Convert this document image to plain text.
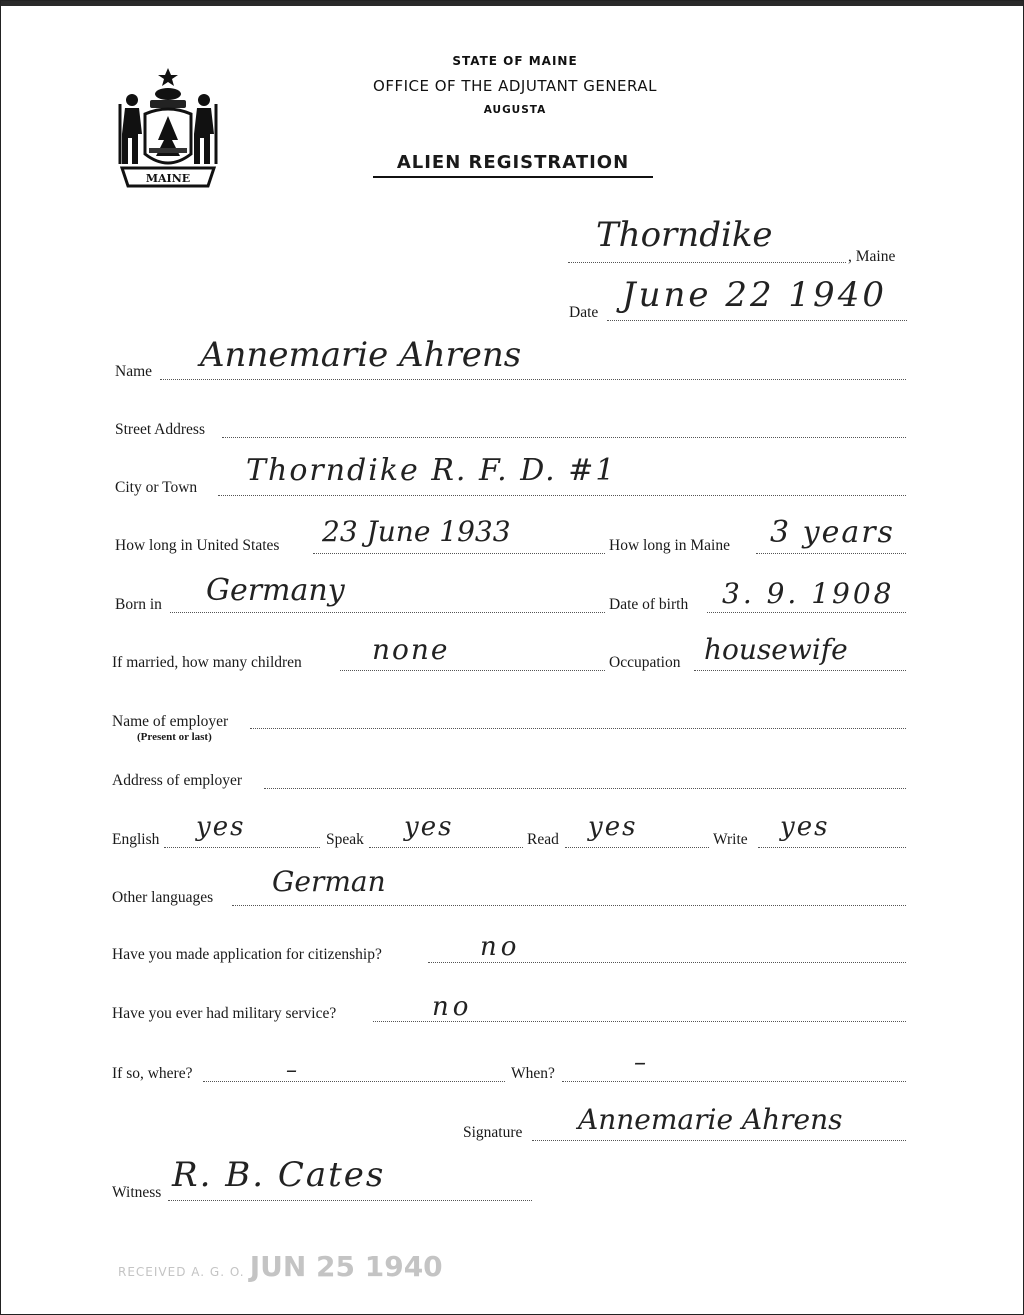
MAINE
STATE OF MAINE
OFFICE OF THE ADJUTANT GENERAL
AUGUSTA
ALIEN REGISTRATION
Thorndike
, Maine
Date June 22 1940
Name Annemarie Ahrens
Street Address
City or Town Thorndike R. F. D. #1
How long in United States 23 June 1933	How long in Maine 3 years
Born in Germany	Date of birth 3. 9. 1908
If married, how many children	none	Occupation housewife
Name of employer
(Present or last)
Address of employer
English yes	Speak yes	Read yes	Write yes
Other languages German
Have you made application for citizenship?	no
Have you ever had military service?	no
If so, where?	–	When?	–
Signature Annemarie Ahrens
Witness R. B. Cates
RECEIVED A. G. O. JUN 25 1940
